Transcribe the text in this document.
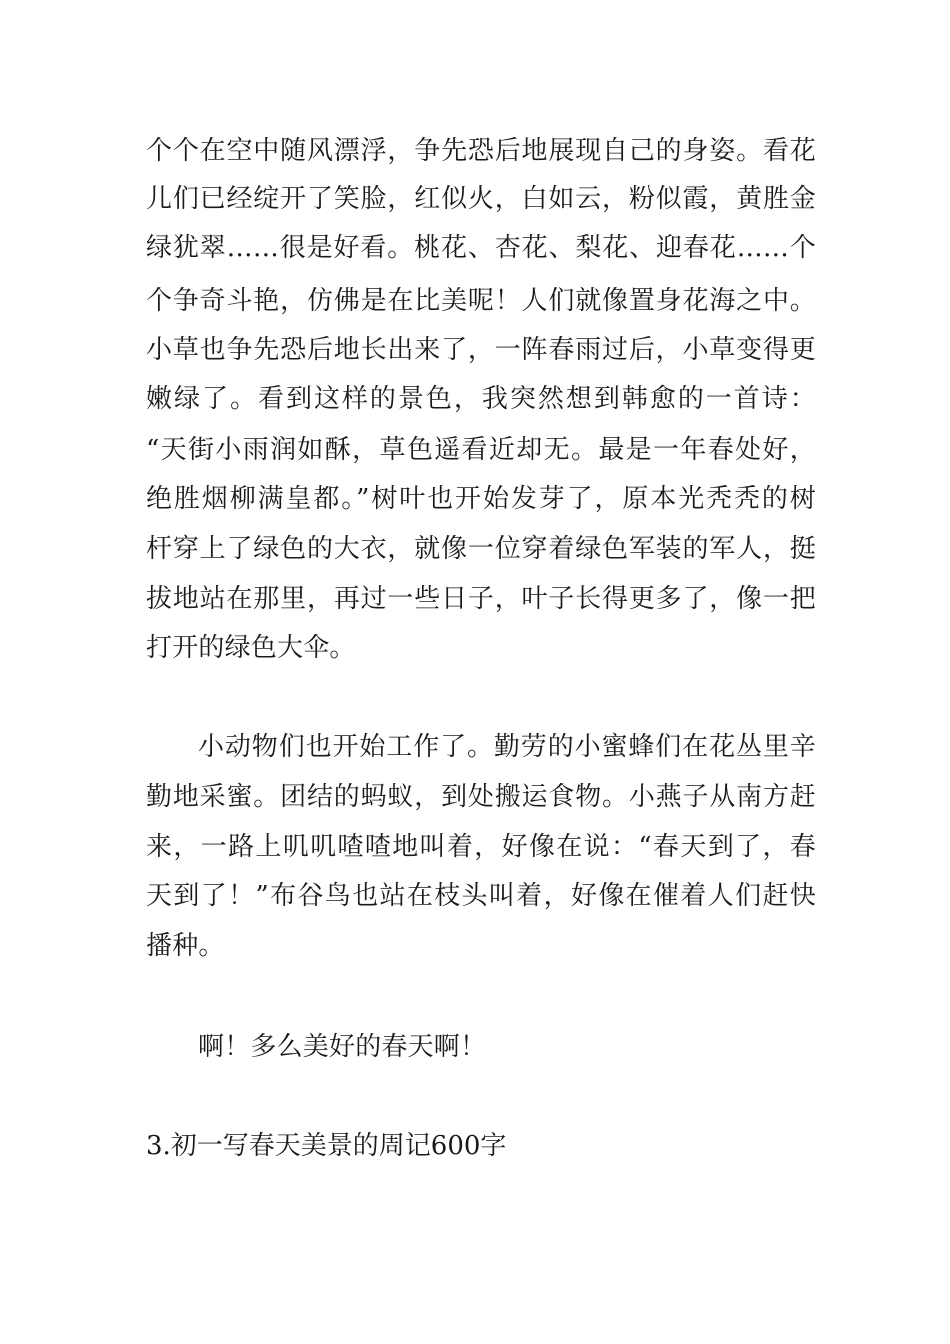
个个在空中随风漂浮，争先恐后地展现自己的身姿。看花
儿们已经绽开了笑脸，红似火，白如云，粉似霞，黄胜金
绿犹翠……很是好看。桃花、杏花、梨花、迎春花……个
个争奇斗艳，仿佛是在比美呢！人们就像置身花海之中。
小草也争先恐后地长出来了，一阵春雨过后，小草变得更
嫩绿了。看到这样的景色，我突然想到韩愈的一首诗：
“天街小雨润如酥，草色遥看近却无。最是一年春处好，
绝胜烟柳满皇都。”树叶也开始发芽了，原本光秃秃的树
杆穿上了绿色的大衣，就像一位穿着绿色军装的军人，挺
拔地站在那里，再过一些日子，叶子长得更多了，像一把
打开的绿色大伞。
小动物们也开始工作了。勤劳的小蜜蜂们在花丛里辛
勤地采蜜。团结的蚂蚁，到处搬运食物。小燕子从南方赶
来，一路上叽叽喳喳地叫着，好像在说：“春天到了，春
天到了！”布谷鸟也站在枝头叫着，好像在催着人们赶快
播种。
啊！多么美好的春天啊！
3.初一写春天美景的周记600字
